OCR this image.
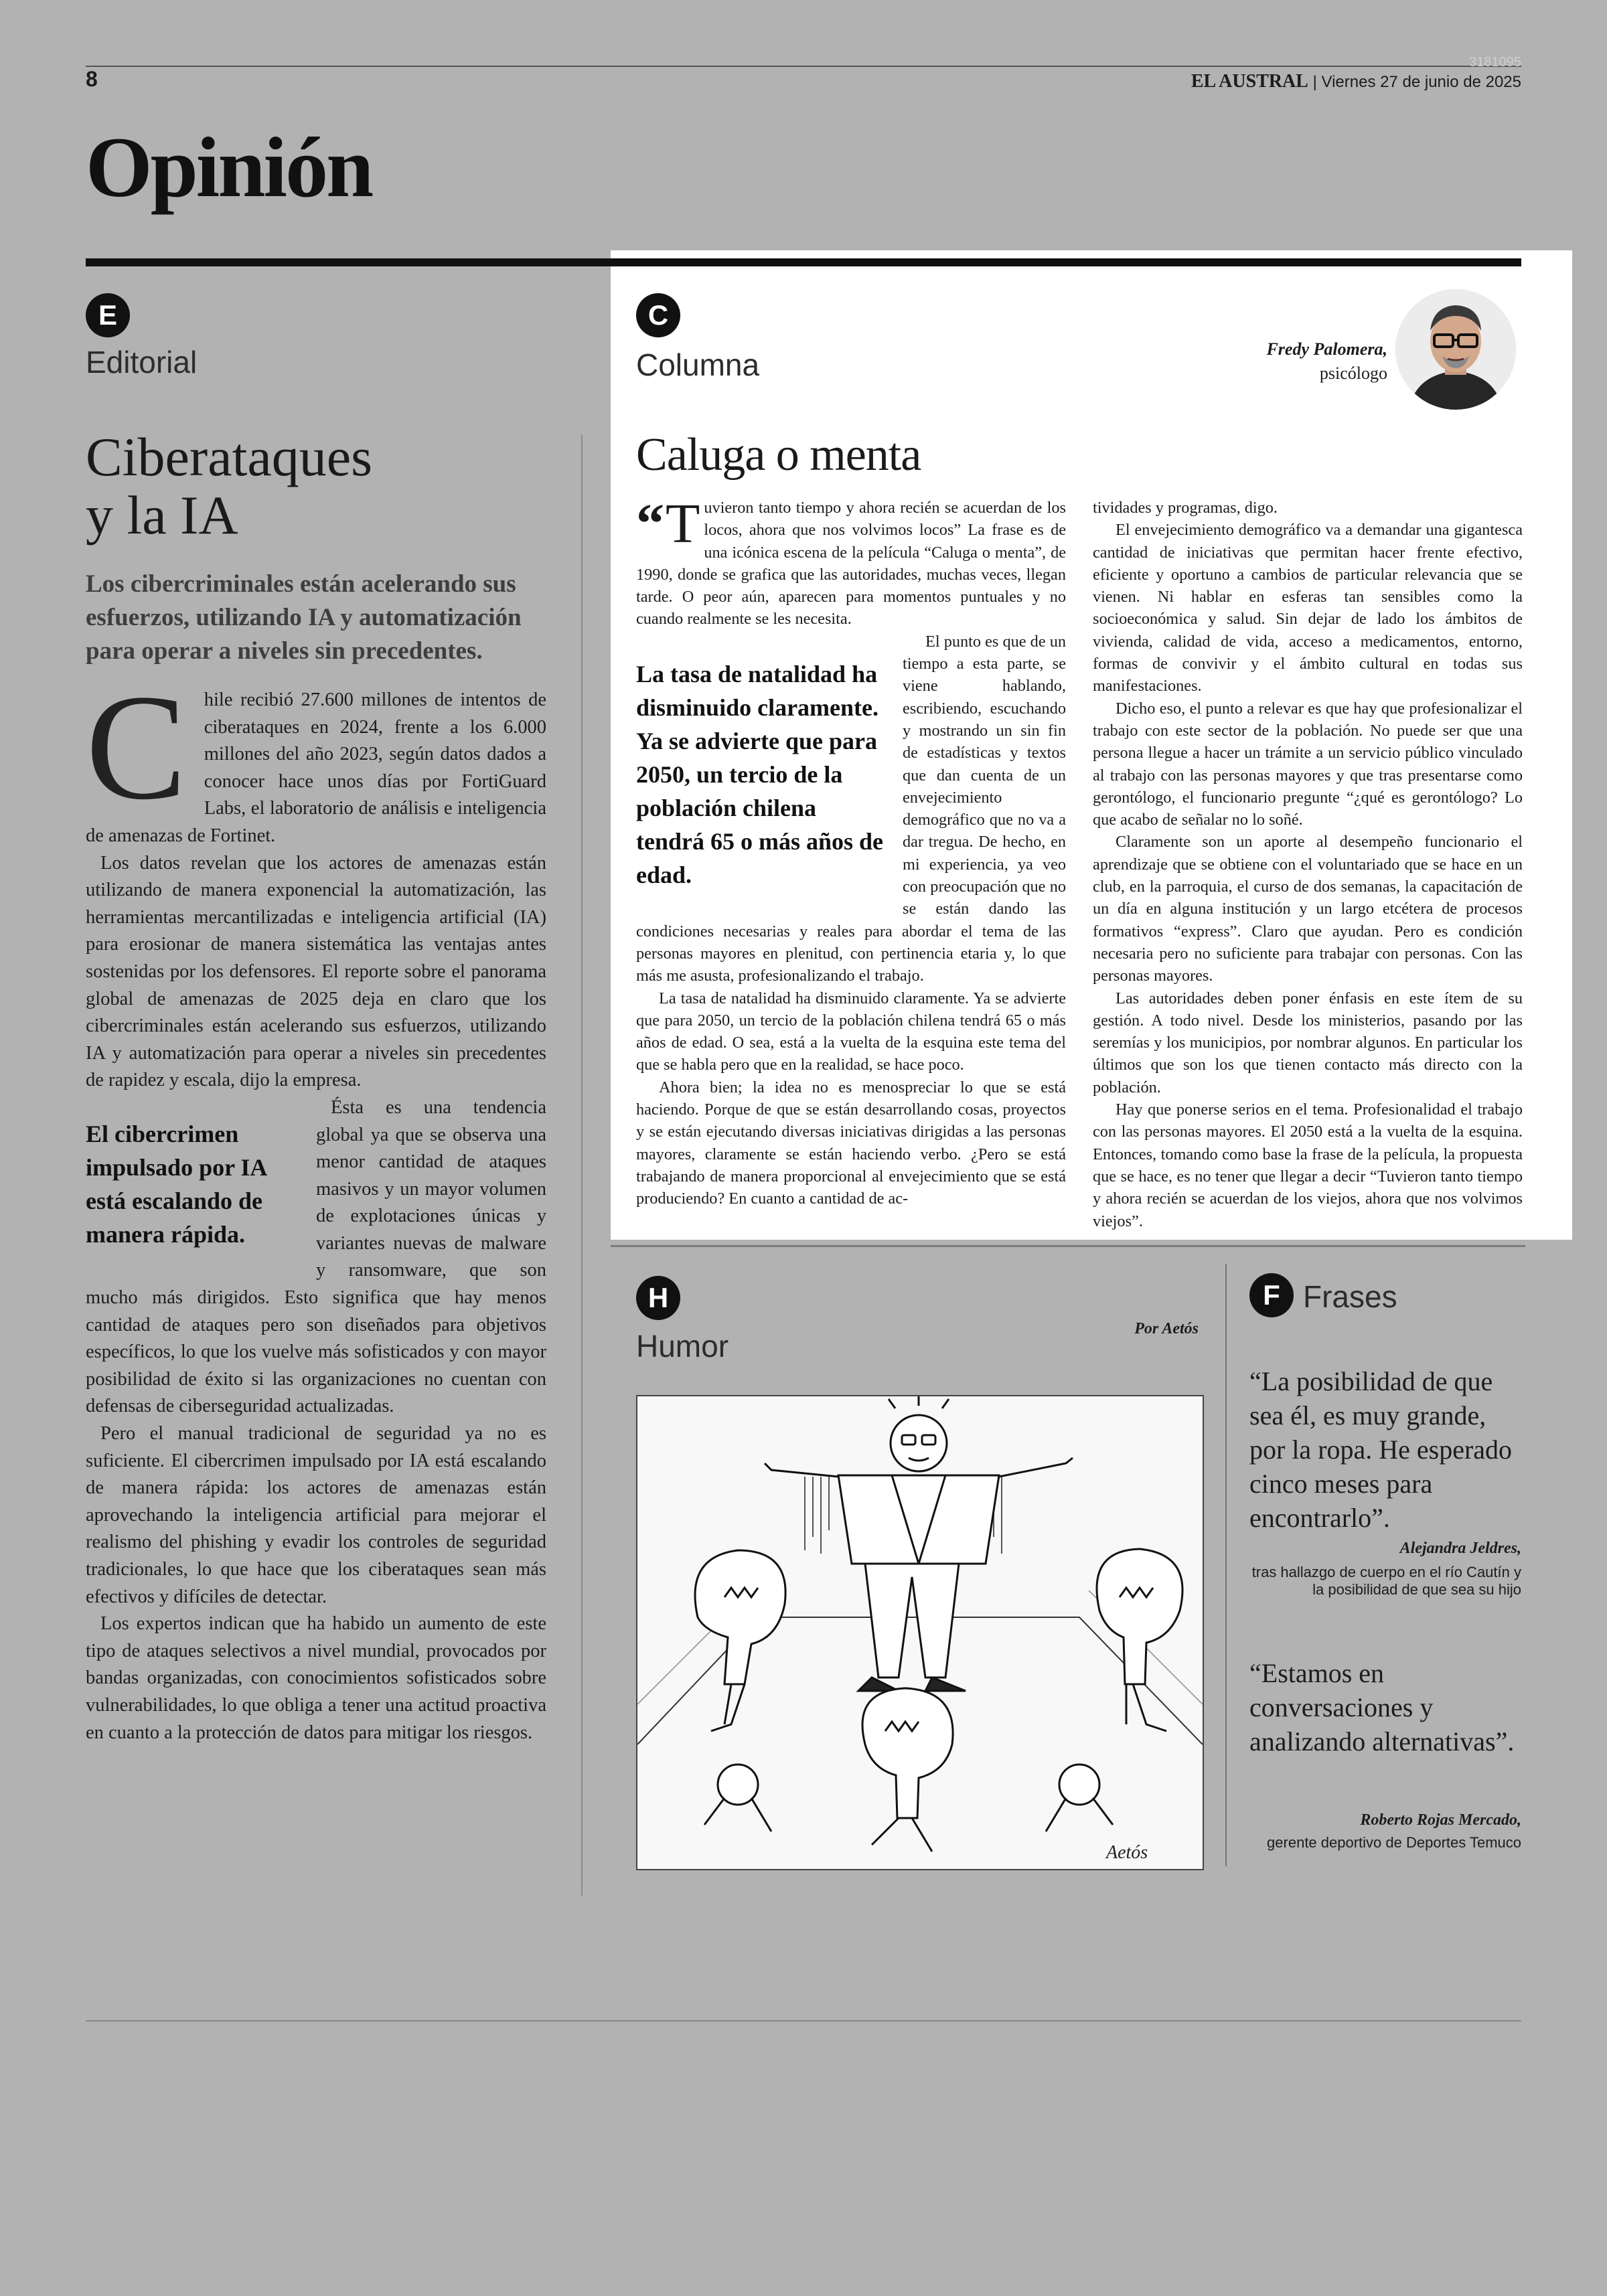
8
3181095
EL AUSTRAL | Viernes 27 de junio de 2025
Opinión
E
Editorial
Ciberataques
y la IA
Los cibercriminales están acelerando sus esfuerzos, utilizando IA y automatización para operar a niveles sin precedentes.

Chile recibió 27.600 millones de intentos de ciberataques en 2024, frente a los 6.000 millones del año 2023, según datos dados a conocer hace unos días por FortiGuard Labs, el laboratorio de análisis e inteligencia de amenazas de Fortinet.

Los datos revelan que los actores de amenazas están utilizando de manera exponencial la automatización, las herramientas mercantilizadas e inteligencia artificial (IA) para erosionar de manera sistemática las ventajas antes sostenidas por los defensores. El reporte sobre el panorama global de amenazas de 2025 deja en claro que los cibercriminales están acelerando sus esfuerzos, utilizando IA y automatización para operar a niveles sin precedentes de rapidez y escala, dijo la empresa.

El cibercrimen impulsado por IA está escalando de manera rápida.
Ésta es una tendencia global ya que se observa una menor cantidad de ataques masivos y un mayor volumen de explotaciones únicas y variantes nuevas de malware y ransomware, que son mucho más dirigidos. Esto significa que hay menos cantidad de ataques pero son diseñados para objetivos específicos, lo que los vuelve más sofisticados y con mayor posibilidad de éxito si las organizaciones no cuentan con defensas de ciberseguridad actualizadas.

Pero el manual tradicional de seguridad ya no es suficiente. El cibercrimen impulsado por IA está escalando de manera rápida: los actores de amenazas están aprovechando la inteligencia artificial para mejorar el realismo del phishing y evadir los controles de seguridad tradicionales, lo que hace que los ciberataques sean más efectivos y difíciles de detectar.

Los expertos indican que ha habido un aumento de este tipo de ataques selectivos a nivel mundial, provocados por bandas organizadas, con conocimientos sofisticados sobre vulnerabilidades, lo que obliga a tener una actitud proactiva en cuanto a la protección de datos para mitigar los riesgos.

C
Columna	Fredy Palomera,
psicólogo
Caluga o menta

“ T uvieron tanto tiempo y ahora recién se acuerdan de los locos, ahora que nos volvimos locos” La frase es de una icónica escena de la película “Caluga o menta”, de 1990, donde se grafica que las autoridades, muchas veces, llegan tarde. O peor aún, aparecen para momentos puntuales y no cuando realmente se les necesita.

La tasa de natalidad ha disminuido claramente. Ya se advierte que para 2050, un tercio de la población chilena tendrá 65 o más años de edad.
El punto es que de un tiempo a esta parte, se viene hablando, escribiendo, escuchando y mostrando un sin fin de estadísticas y textos que dan cuenta de un envejecimiento demográfico que no va a dar tregua. De hecho, en mi experiencia, ya veo con preocupación que no se están dando las condiciones necesarias y reales para abordar el tema de las personas mayores en plenitud, con pertinencia etaria y, lo que más me asusta, profesionalizando el trabajo.

La tasa de natalidad ha disminuido claramente. Ya se advierte que para 2050, un tercio de la población chilena tendrá 65 o más años de edad. O sea, está a la vuelta de la esquina este tema del que se habla pero que en la realidad, se hace poco.

Ahora bien; la idea no es menospreciar lo que se está haciendo. Porque de que se están desarrollando cosas, proyectos y se están ejecutando diversas iniciativas dirigidas a las personas mayores, claramente se están haciendo verbo. ¿Pero se está trabajando de manera proporcional al envejecimiento que se está produciendo? En cuanto a cantidad de ac-

tividades y programas, digo.

El envejecimiento demográfico va a demandar una gigantesca cantidad de iniciativas que permitan hacer frente efectivo, eficiente y oportuno a cambios de particular relevancia que se vienen. Ni hablar en esferas tan sensibles como la socioeconómica y salud. Sin dejar de lado los ámbitos de vivienda, calidad de vida, acceso a medicamentos, entorno, formas de convivir y el ámbito cultural en todas sus manifestaciones.

Dicho eso, el punto a relevar es que hay que profesionalizar el trabajo con este sector de la población. No puede ser que una persona llegue a hacer un trámite a un servicio público vinculado al trabajo con las personas mayores y que tras presentarse como gerontólogo, el funcionario pregunte “¿qué es gerontólogo? Lo que acabo de señalar no lo soñé.

Claramente son un aporte al desempeño funcionario el aprendizaje que se obtiene con el voluntariado que se hace en un club, en la parroquia, el curso de dos semanas, la capacitación de un día en alguna institución y un largo etcétera de procesos formativos “express”. Claro que ayudan. Pero es condición necesaria pero no suficiente para trabajar con personas. Con las personas mayores.

Las autoridades deben poner énfasis en este ítem de su gestión. A todo nivel. Desde los ministerios, pasando por las seremías y los municipios, por nombrar algunos. En particular los últimos que son los que tienen contacto más directo con la población.

Hay que ponerse serios en el tema. Profesionalidad el trabajo con las personas mayores. El 2050 está a la vuelta de la esquina. Entonces, tomando como base la frase de la película, la propuesta que se hace, es no tener que llegar a decir “Tuvieron tanto tiempo y ahora recién se acuerdan de los viejos, ahora que nos volvimos viejos”.

H
Humor	Por Aetós
Aetós
F Frases
“La posibilidad de que sea él, es muy grande, por la ropa. He esperado cinco meses para encontrarlo”.
Alejandra Jeldres,
tras hallazgo de cuerpo en el río Cautín y la posibilidad de que sea su hijo
“Estamos en conversaciones y analizando alternativas”.
Roberto Rojas Mercado,
gerente deportivo de Deportes Temuco
